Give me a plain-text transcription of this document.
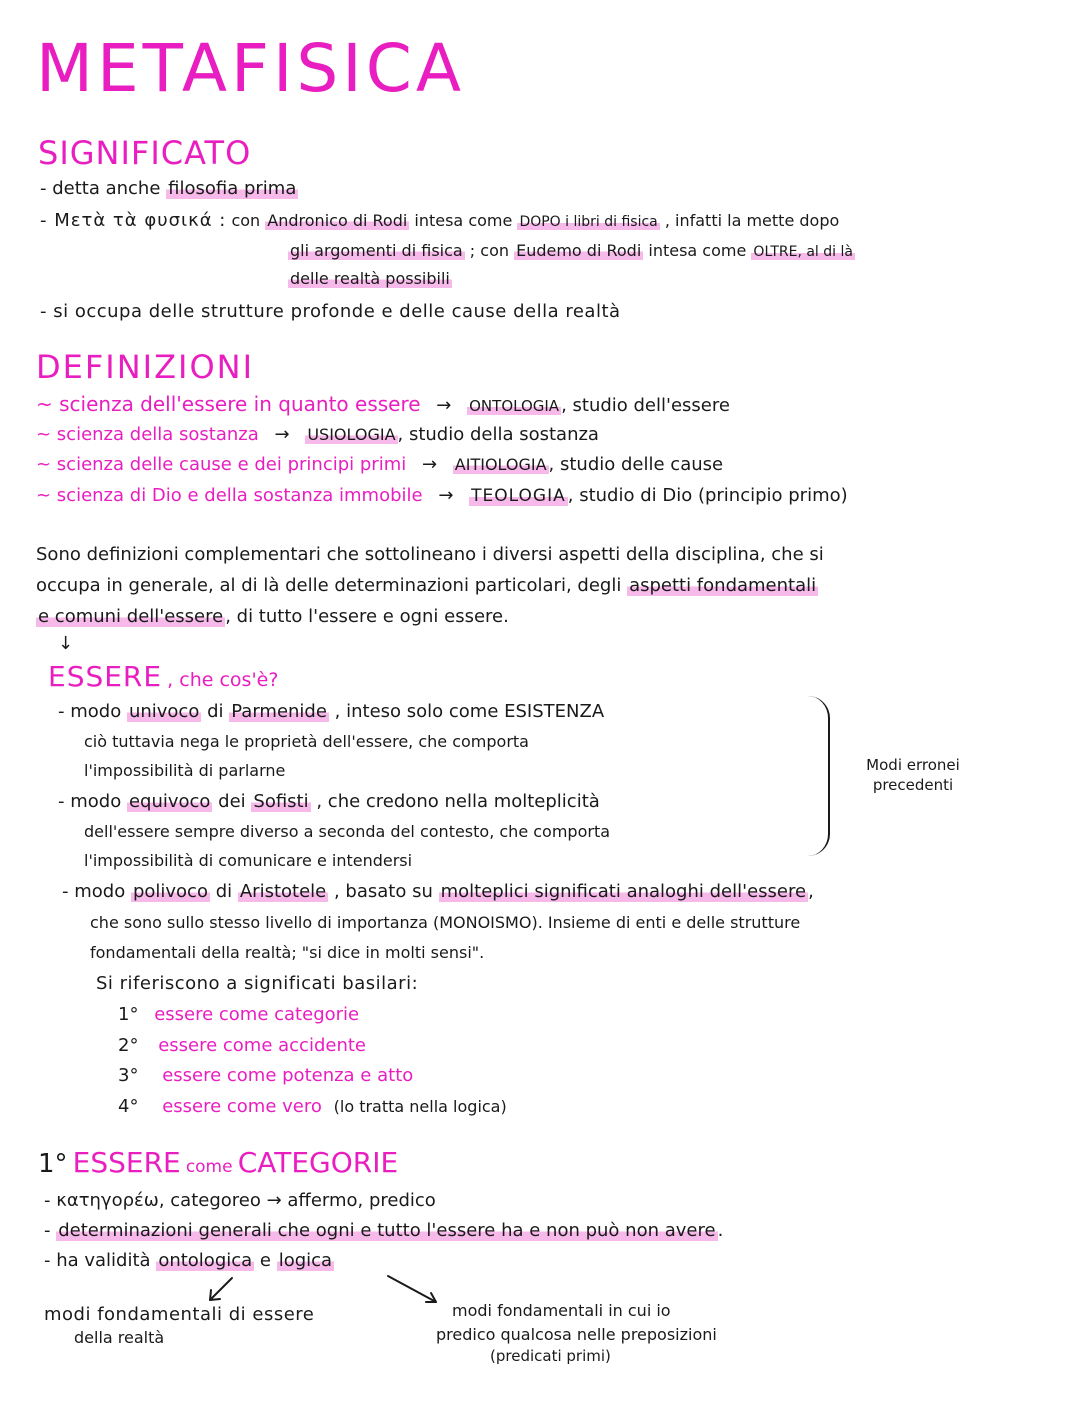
METAFISICA
SIGNIFICATO
- detta anche filosofia prima
- Μετὰ τὰ φυσικά : con Andronico di Rodi intesa come DOPO i libri di fisica , infatti la mette dopo
gli argomenti di fisica ; con Eudemo di Rodi intesa come OLTRE, al di là
delle realtà possibili
- si occupa delle strutture profonde e delle cause della realtà
DEFINIZIONI
~ scienza dell'essere in quanto essere → ONTOLOGIA , studio dell'essere
~ scienza della sostanza → USIOLOGIA , studio della sostanza
~ scienza delle cause e dei principi primi → AITIOLOGIA , studio delle cause
~ scienza di Dio e della sostanza immobile → TEOLOGIA , studio di Dio (principio primo)
Sono definizioni complementari che sottolineano i diversi aspetti della disciplina, che si
occupa in generale, al di là delle determinazioni particolari, degli aspetti fondamentali
e comuni dell'essere , di tutto l'essere e ogni essere.
↓
ESSERE , che cos'è?
- modo univoco di Parmenide , inteso solo come ESISTENZA
ciò tuttavia nega le proprietà dell'essere, che comporta
l'impossibilità di parlarne
- modo equivoco dei Sofisti , che credono nella molteplicità
dell'essere sempre diverso a seconda del contesto, che comporta
l'impossibilità di comunicare e intendersi
Modi erronei precedenti
- modo polivoco di Aristotele , basato su molteplici significati analoghi dell'essere ,
che sono sullo stesso livello di importanza (MONOISMO). Insieme di enti e delle strutture
fondamentali della realtà; "si dice in molti sensi".
Si riferiscono a significati basilari:
1° essere come categorie
2° essere come accidente
3° essere come potenza e atto
4° essere come vero (lo tratta nella logica)
1° ESSERE come CATEGORIE
- κατηγορέω, categoreo → affermo, predico
- determinazioni generali che ogni e tutto l'essere ha e non può non avere .
- ha validità ontologica e logica
modi fondamentali di essere
della realtà
modi fondamentali in cui io
predico qualcosa nelle preposizioni
(predicati primi)
